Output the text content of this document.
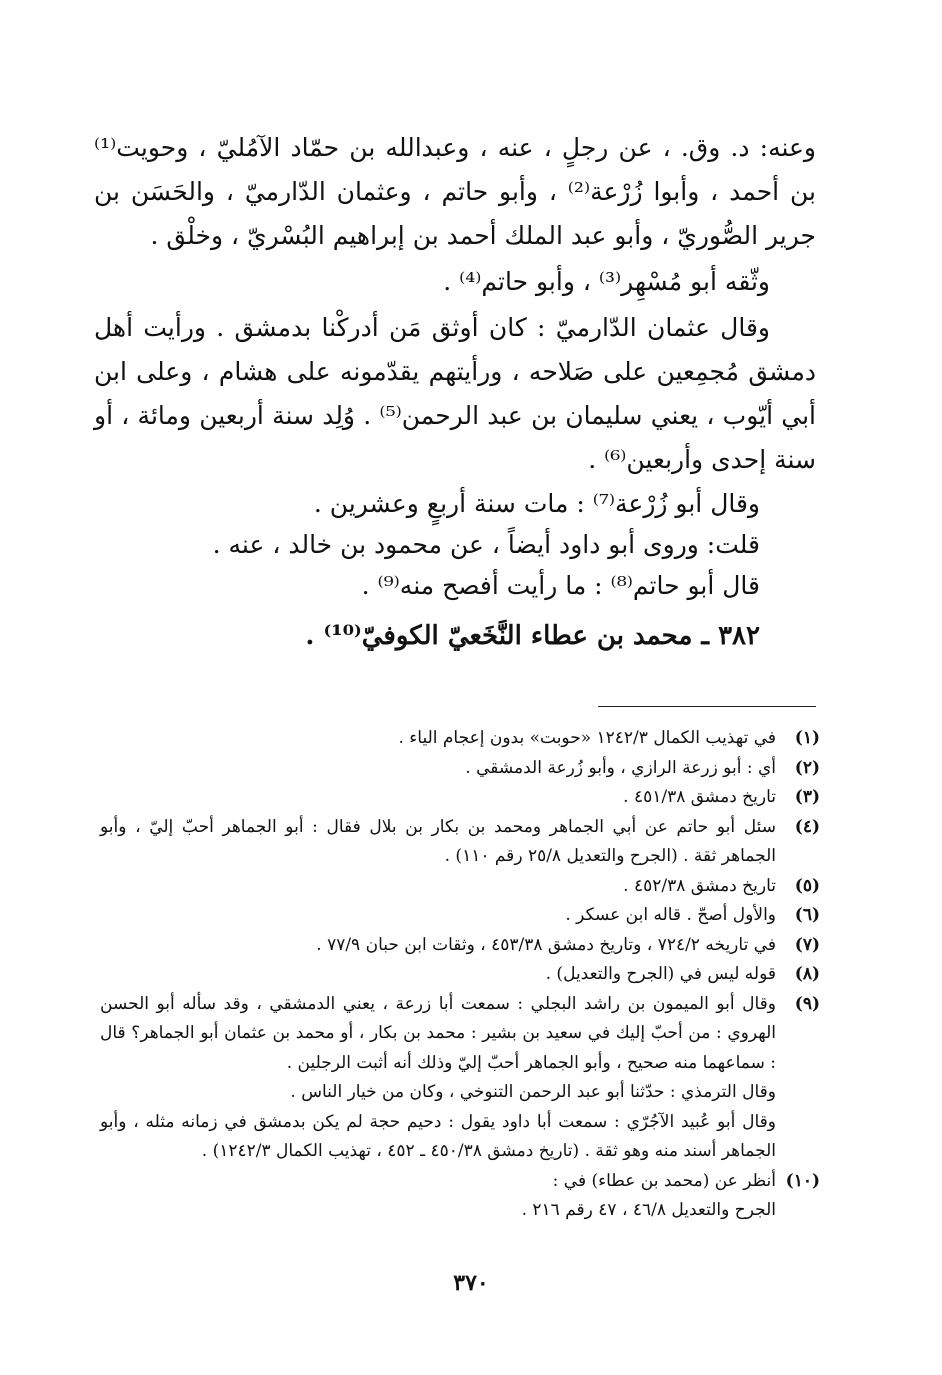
وعنه: د. وق. ، عن رجلٍ ، عنه ، وعبدالله بن حمّاد الآمُليّ ، وحويت⁽¹⁾ بن أحمد ، وأبوا زُرْعة⁽²⁾ ، وأبو حاتم ، وعثمان الدّارميّ ، والحَسَن بن جرير الصُّوريّ ، وأبو عبد الملك أحمد بن إبراهيم البُسْريّ ، وخلْق .

وثّقه أبو مُسْهِر⁽³⁾ ، وأبو حاتم⁽⁴⁾ .

وقال عثمان الدّارميّ : كان أوثق مَن أدركْنا بدمشق . ورأيت أهل دمشق مُجمِعين على صَلاحه ، ورأيتهم يقدّمونه على هشام ، وعلى ابن أبي أيّوب ، يعني سليمان بن عبد الرحمن⁽⁵⁾ . وُلِد سنة أربعين ومائة ، أو سنة إحدى وأربعين⁽⁶⁾ .

وقال أبو زُرْعة⁽⁷⁾ : مات سنة أربعٍ وعشرين .

قلت: وروى أبو داود أيضاً ، عن محمود بن خالد ، عنه .

قال أبو حاتم⁽⁸⁾ : ما رأيت أفصح منه⁽⁹⁾ .

٣٨٢ ـ محمد بن عطاء النَّخَعيّ الكوفيّ⁽¹⁰⁾ .

(١)
في تهذيب الكمال ١٢٤٢/٣ «حوبت» بدون إعجام الياء .
(٢)
أي : أبو زرعة الرازي ، وأبو زُرعة الدمشقي .
(٣)
تاريخ دمشق ٤٥١/٣٨ .
(٤)
سئل أبو حاتم عن أبي الجماهر ومحمد بن بكار بن بلال فقال : أبو الجماهر أحبّ إليّ ، وأبو الجماهر ثقة . (الجرح والتعديل ٢٥/٨ رقم ١١٠) .
(٥)
تاريخ دمشق ٤٥٢/٣٨ .
(٦)
والأول أصحّ . قاله ابن عسكر .
(٧)
في تاريخه ٧٢٤/٢ ، وتاريخ دمشق ٤٥٣/٣٨ ، وثقات ابن حبان ٧٧/٩ .
(٨)
قوله ليس في (الجرح والتعديل) .
(٩)
وقال أبو الميمون بن راشد البجلي : سمعت أبا زرعة ، يعني الدمشقي ، وقد سأله أبو الحسن الهروي : من أحبّ إليك في سعيد بن بشير : محمد بن بكار ، أو محمد بن عثمان أبو الجماهر؟ قال : سماعهما منه صحيح ، وأبو الجماهر أحبّ إليّ وذلك أنه أثبت الرجلين .
وقال الترمذي : حدّثنا أبو عبد الرحمن التنوخي ، وكان من خيار الناس .
وقال أبو عُبيد الآجُرّي : سمعت أبا داود يقول : دحيم حجة لم يكن بدمشق في زمانه مثله ، وأبو الجماهر أسند منه وهو ثقة . (تاريخ دمشق ٤٥٠/٣٨ ـ ٤٥٢ ، تهذيب الكمال ١٢٤٢/٣) .
(١٠)
أنظر عن (محمد بن عطاء) في :
الجرح والتعديل ٤٦/٨ ، ٤٧ رقم ٢١٦ .
٣٧٠
